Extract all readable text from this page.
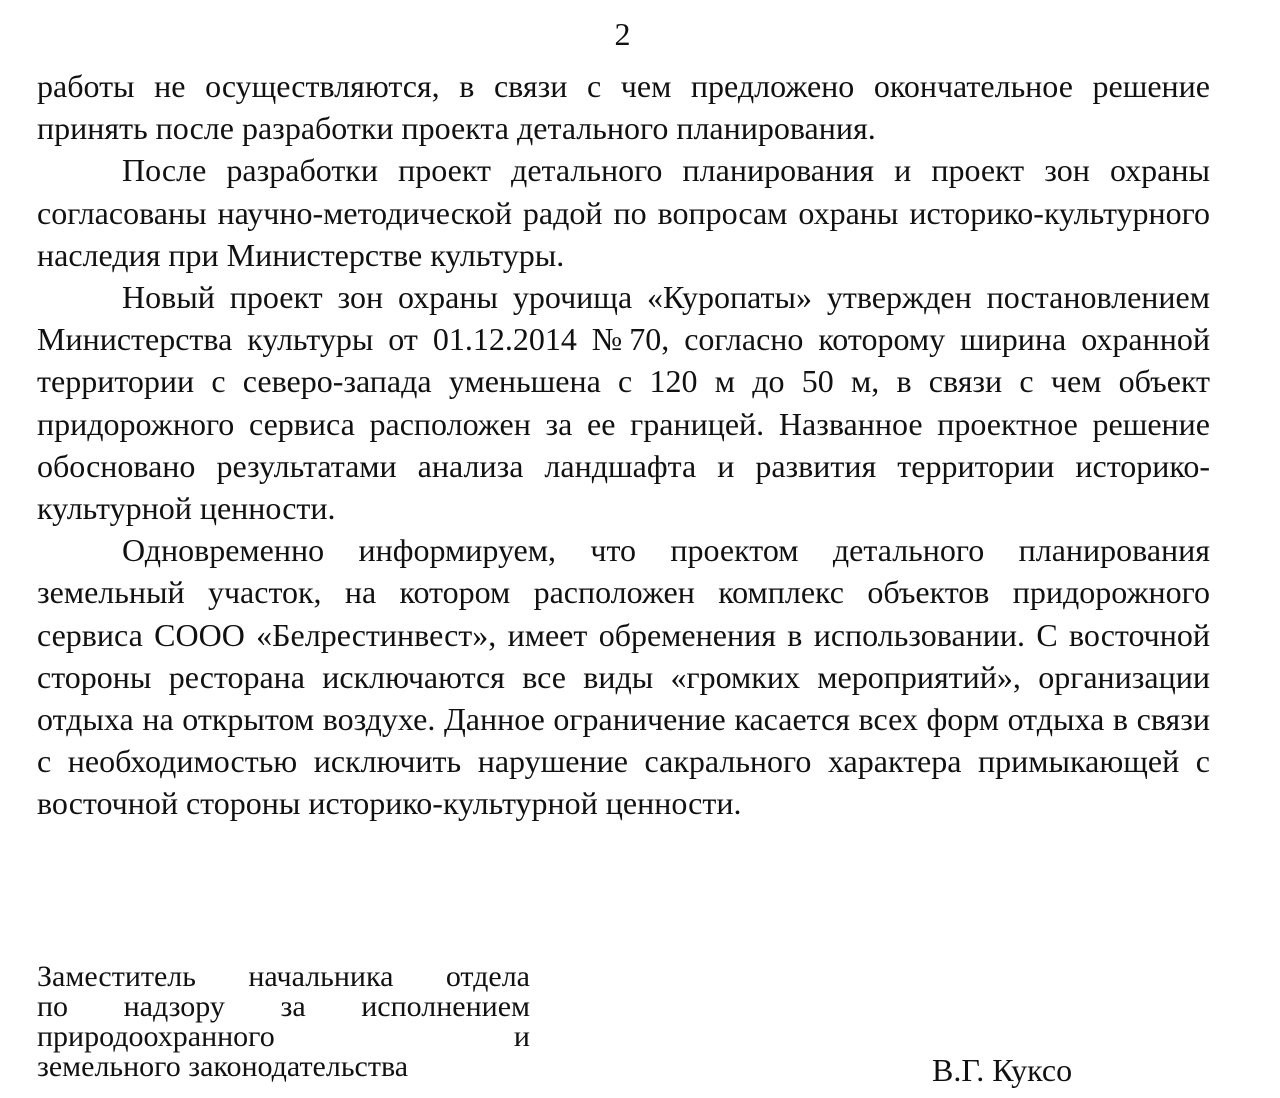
2

работы не осуществляются, в связи с чем предложено окончательное решение принять после разработки проекта детального планирования.

После разработки проект детального планирования и проект зон охраны согласованы научно-методической радой по вопросам охраны историко-культурного наследия при Министерстве культуры.

Новый проект зон охраны урочища «Куропаты» утвержден постановлением Министерства культуры от 01.12.2014 №70, согласно которому ширина охранной территории с северо-запада уменьшена с 120 м до 50 м, в связи с чем объект придорожного сервиса расположен за ее границей. Названное проектное решение обосновано результатами анализа ландшафта и развития территории историко-культурной ценности.

Одновременно информируем, что проектом детального планирования земельный участок, на котором расположен комплекс объектов придорожного сервиса СООО «Белрестинвест», имеет обременения в использовании. С восточной стороны ресторана исключаются все виды «громких мероприятий», организации отдыха на открытом воздухе. Данное ограничение касается всех форм отдыха в связи с необходимостью исключить нарушение сакрального характера примыкающей с восточной стороны историко-культурной ценности.

Заместитель начальника отдела
по надзору за исполнением
природоохранного и
земельного законодательства	В.Г. Куксо
